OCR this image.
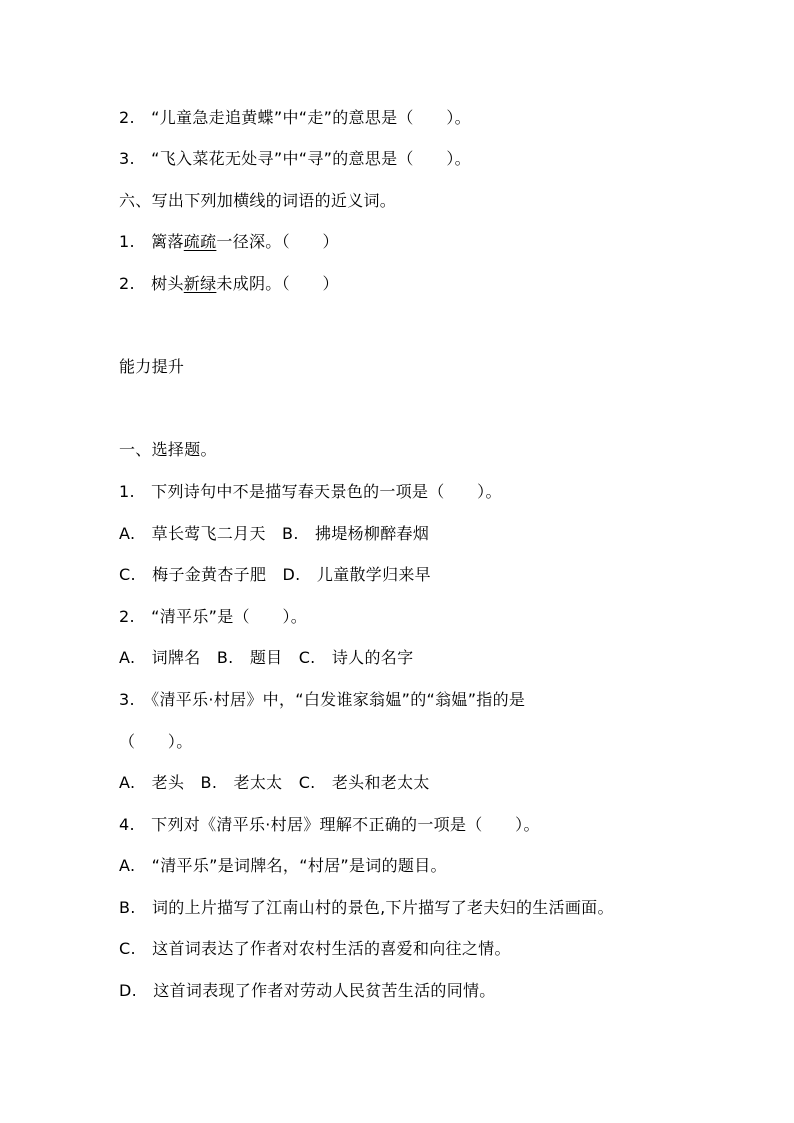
2.　“儿童急走追黄蝶”中“走”的意思是（　　）。
3.　“飞入菜花无处寻”中“寻”的意思是（　　）。
六、写出下列加横线的词语的近义词。
1.　篱落疏疏一径深。（　　）
2.　树头新绿未成阴。（　　）
能力提升
一、选择题。
1.　下列诗句中不是描写春天景色的一项是（　　）。
A.　草长莺飞二月天　B.　拂堤杨柳醉春烟
C.　梅子金黄杏子肥　D.　儿童散学归来早
2.　“清平乐”是（　　）。
A.　词牌名　B.　题目　C.　诗人的名字
3.　《清平乐·村居》中，“白发谁家翁媪”的“翁媪”指的是
（　　）。
A.　老头　B.　老太太　C.　老头和老太太
4.　下列对《清平乐·村居》理解不正确的一项是（　　）。
A.　“清平乐”是词牌名，“村居”是词的题目。
B.　词的上片描写了江南山村的景色,下片描写了老夫妇的生活画面。
C.　这首词表达了作者对农村生活的喜爱和向往之情。
D.　这首词表现了作者对劳动人民贫苦生活的同情。
